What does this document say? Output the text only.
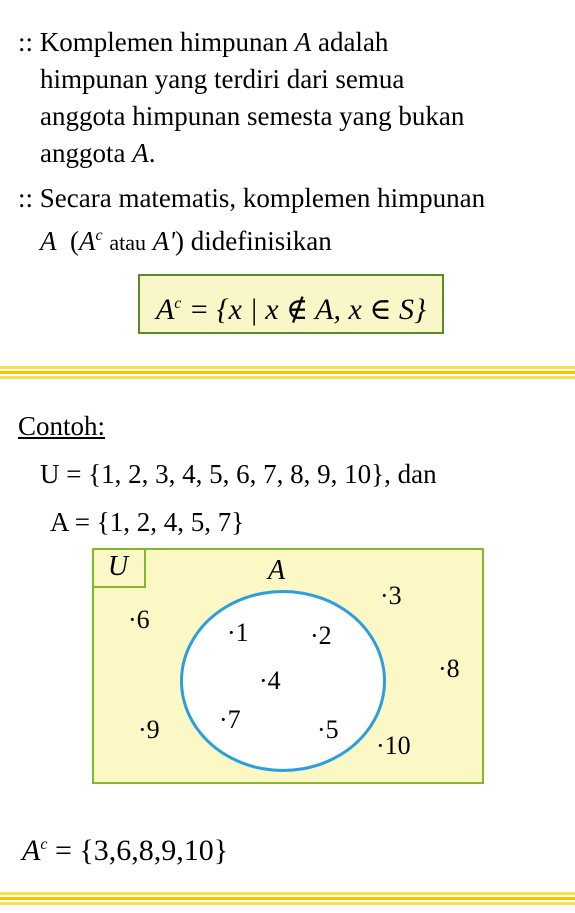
:: Komplemen himpunan A adalah
himpunan yang terdiri dari semua
anggota himpunan semesta yang bukan
anggota A.
:: Secara matematis, komplemen himpunan
A ($A^c$ atau A') didefinisikan
$A^c = \{x$ | x ∉ A, x ∈ S}
Contoh:
U = {1, 2, 3, 4, 5, 6, 7, 8, 9, 10}, dan
A = {1, 2, 4, 5, 7}
U	A
·1 ·2
·4
·7	·5
·6
·3
·8
·9
·10
$A^c = \{3,6,8,9,10\}$
